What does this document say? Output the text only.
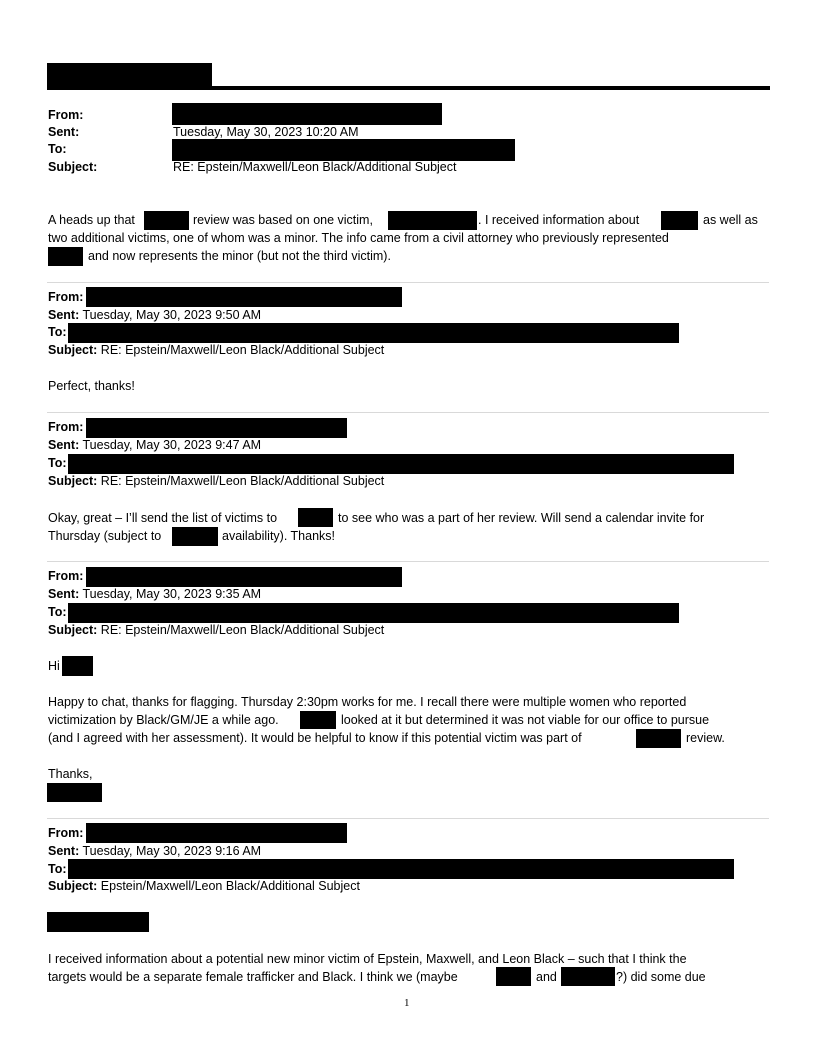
From:
Sent:	Tuesday, May 30, 2023 10:20 AM
To:
Subject:	RE: Epstein/Maxwell/Leon Black/Additional Subject
A heads up that	review was based on one victim,	. I received information about	as well as
two additional victims, one of whom was a minor. The info came from a civil attorney who previously represented
and now represents the minor (but not the third victim).
From:
Sent: Tuesday, May 30, 2023 9:50 AM
To:
Subject: RE: Epstein/Maxwell/Leon Black/Additional Subject
Perfect, thanks!
From:
Sent: Tuesday, May 30, 2023 9:47 AM
To:
Subject: RE: Epstein/Maxwell/Leon Black/Additional Subject
Okay, great – I’ll send the list of victims to	to see who was a part of her review. Will send a calendar invite for
Thursday (subject to	availability). Thanks!
From:
Sent: Tuesday, May 30, 2023 9:35 AM
To:
Subject: RE: Epstein/Maxwell/Leon Black/Additional Subject
Hi
Happy to chat, thanks for flagging. Thursday 2:30pm works for me. I recall there were multiple women who reported
victimization by Black/GM/JE a while ago.	looked at it but determined it was not viable for our office to pursue
(and I agreed with her assessment). It would be helpful to know if this potential victim was part of	review.
Thanks,
From:
Sent: Tuesday, May 30, 2023 9:16 AM
To:
Subject: Epstein/Maxwell/Leon Black/Additional Subject
I received information about a potential new minor victim of Epstein, Maxwell, and Leon Black – such that I think the
targets would be a separate female trafficker and Black. I think we (maybe	and	?) did some due
1
